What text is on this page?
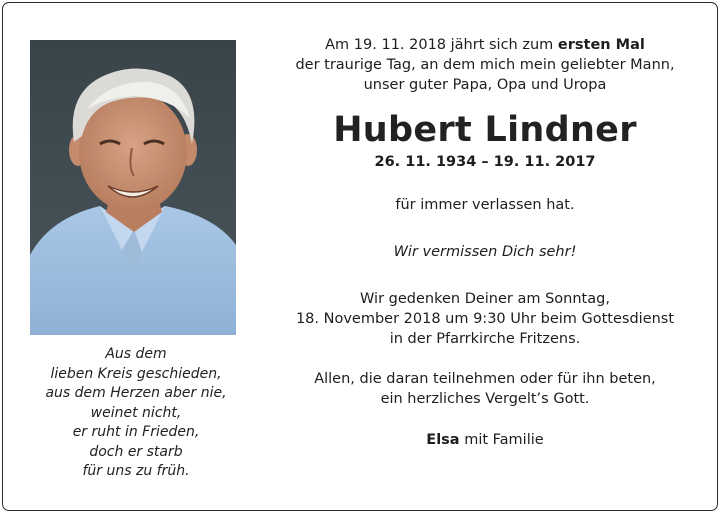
Aus dem
lieben Kreis geschieden,
aus dem Herzen aber nie,
weinet nicht,
er ruht in Frieden,
doch er starb
für uns zu früh.
Am 19. 11. 2018 jährt sich zum ersten Mal
der traurige Tag, an dem mich mein geliebter Mann,
unser guter Papa, Opa und Uropa
Hubert Lindner
26. 11. 1934 – 19. 11. 2017
für immer verlassen hat.
Wir vermissen Dich sehr!
Wir gedenken Deiner am Sonntag,
18. November 2018 um 9:30 Uhr beim Gottesdienst
in der Pfarrkirche Fritzens.
Allen, die daran teilnehmen oder für ihn beten,
ein herzliches Vergelt’s Gott.
Elsa mit Familie
